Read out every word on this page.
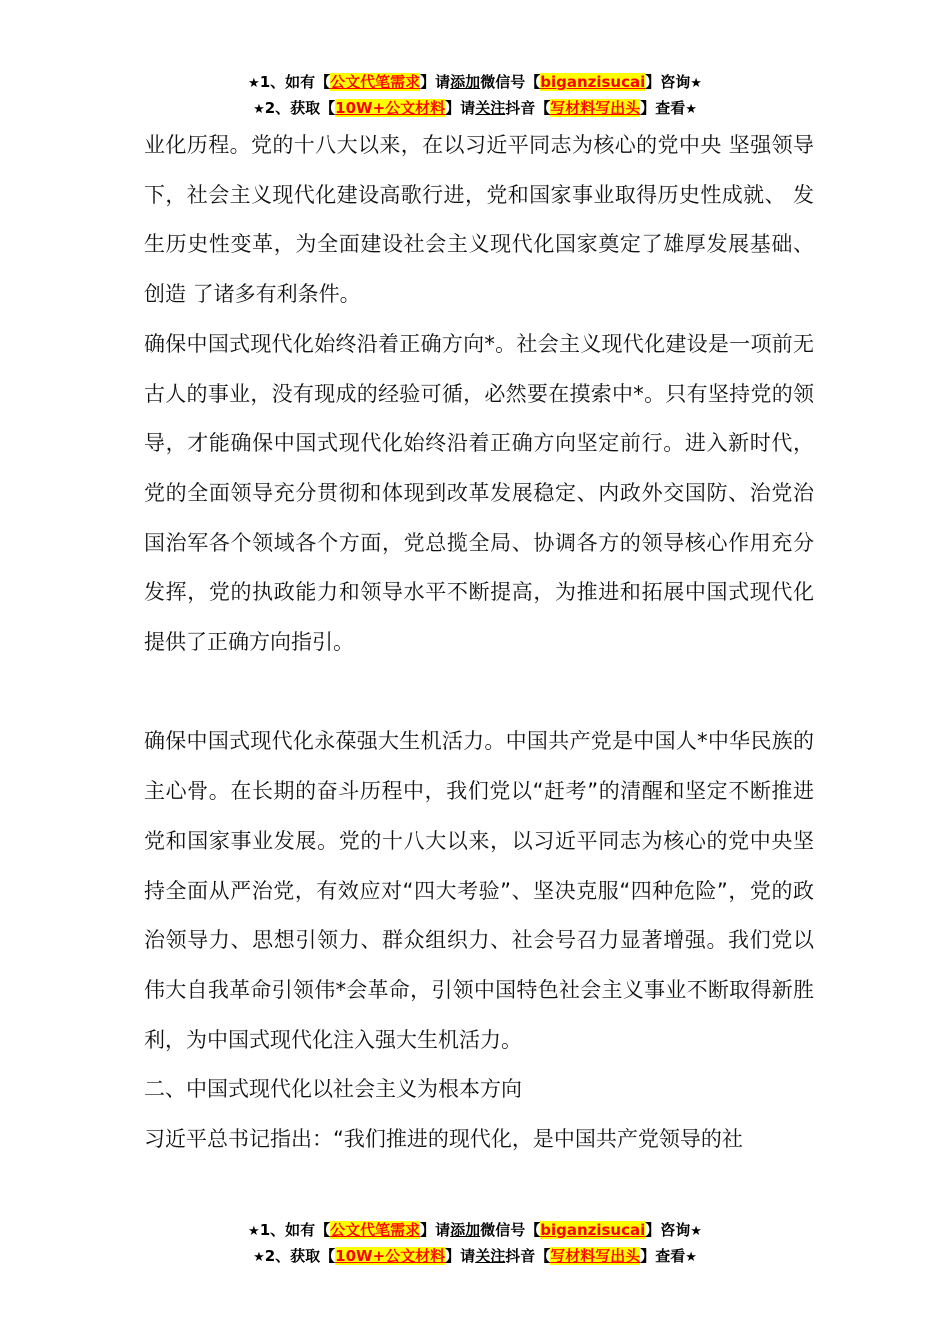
★1、如有【公文代笔需求】请添加微信号【biganzisucai】咨询★
★2、获取【10W+公文材料】请关注抖音【写材料写出头】查看★

业化历程。党的十八大以来，在以习近平同志为核心的党中央 坚强领导下，社会主义现代化建设高歌行进，党和国家事业取得历史性成就、 发生历史性变革，为全面建设社会主义现代化国家奠定了雄厚发展基础、创造 了诸多有利条件。

确保中国式现代化始终沿着正确方向*。社会主义现代化建设是一项前无古人的事业，没有现成的经验可循，必然要在摸索中*。只有坚持党的领导，才能确保中国式现代化始终沿着正确方向坚定前行。进入新时代，党的全面领导充分贯彻和体现到改革发展稳定、内政外交国防、治党治国治军各个领域各个方面，党总揽全局、协调各方的领导核心作用充分发挥，党的执政能力和领导水平不断提高，为推进和拓展中国式现代化提供了正确方向指引。

确保中国式现代化永葆强大生机活力。中国共产党是中国人*中华民族的主心骨。在长期的奋斗历程中，我们党以“赶考”的清醒和坚定不断推进党和国家事业发展。党的十八大以来，以习近平同志为核心的党中央坚持全面从严治党，有效应对“四大考验”、坚决克服“四种危险”，党的政治领导力、思想引领力、群众组织力、社会号召力显著增强。我们党以伟大自我革命引领伟*会革命，引领中国特色社会主义事业不断取得新胜利，为中国式现代化注入强大生机活力。

二、中国式现代化以社会主义为根本方向

习近平总书记指出：“我们推进的现代化，是中国共产党领导的社

★1、如有【公文代笔需求】请添加微信号【biganzisucai】咨询★
★2、获取【10W+公文材料】请关注抖音【写材料写出头】查看★
